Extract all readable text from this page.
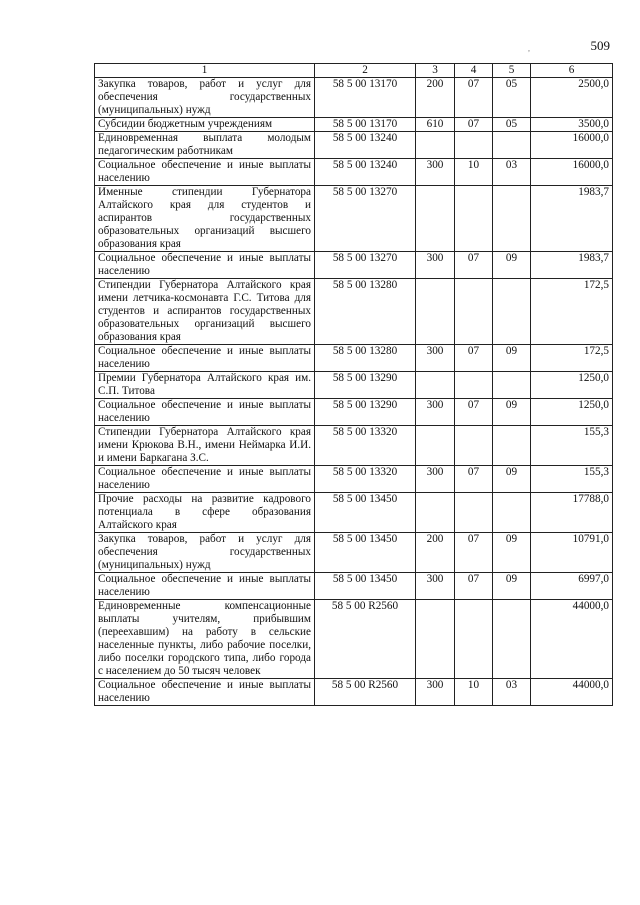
509
,
1	2	3	4	5	6
Закупка товаров, работ и услуг для обеспечения государственных (муниципальных) нужд	58 5 00 13170	200	07	05	2500,0
Субсидии бюджетным учреждениям	58 5 00 13170	610	07	05	3500,0
Единовременная выплата молодым педагогическим работникам	58 5 00 13240				16000,0
Социальное обеспечение и иные выплаты населению	58 5 00 13240	300	10	03	16000,0
Именные стипендии Губернатора Алтайского края для студентов и аспирантов государственных образовательных организаций высшего образования края	58 5 00 13270				1983,7
Социальное обеспечение и иные выплаты населению	58 5 00 13270	300	07	09	1983,7
Стипендии Губернатора Алтайского края имени летчика-космонавта Г.С. Титова для студентов и аспирантов государственных образовательных организаций высшего образования края	58 5 00 13280				172,5
Социальное обеспечение и иные выплаты населению	58 5 00 13280	300	07	09	172,5
Премии Губернатора Алтайского края им. С.П. Титова	58 5 00 13290				1250,0
Социальное обеспечение и иные выплаты населению	58 5 00 13290	300	07	09	1250,0
Стипендии Губернатора Алтайского края имени Крюкова В.Н., имени Неймарка И.И. и имени Баркагана З.С.	58 5 00 13320				155,3
Социальное обеспечение и иные выплаты населению	58 5 00 13320	300	07	09	155,3
Прочие расходы на развитие кадрового потенциала в сфере образования Алтайского края	58 5 00 13450				17788,0
Закупка товаров, работ и услуг для обеспечения государственных (муниципальных) нужд	58 5 00 13450	200	07	09	10791,0
Социальное обеспечение и иные выплаты населению	58 5 00 13450	300	07	09	6997,0
Единовременные компенсационные выплаты учителям, прибывшим (переехавшим) на работу в сельские населенные пункты, либо рабочие поселки, либо поселки городского типа, либо города с населением до 50 тысяч человек	58 5 00 R2560				44000,0
Социальное обеспечение и иные выплаты населению	58 5 00 R2560	300	10	03	44000,0
